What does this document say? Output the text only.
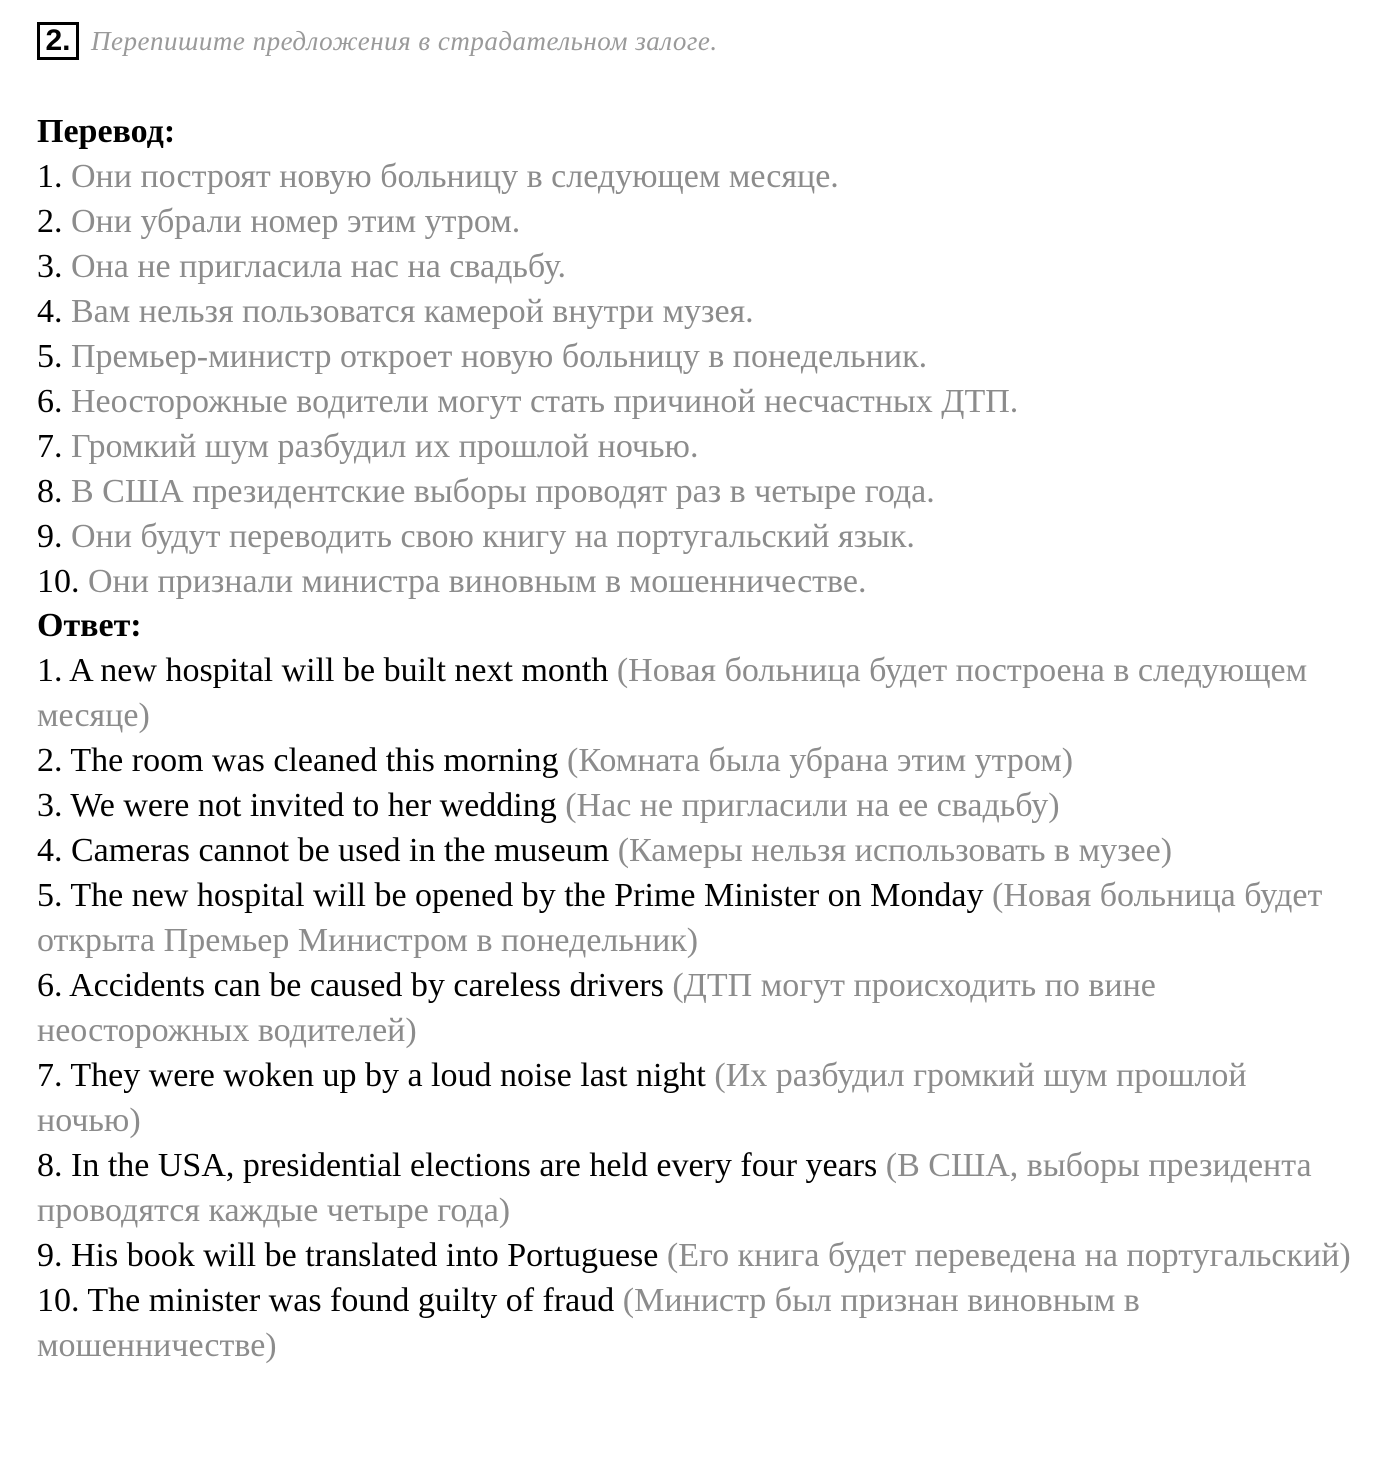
2. Перепишите предложения в страдательном залоге.
Перевод:

1. Они построят новую больницу в следующем месяце.

2. Они убрали номер этим утром.

3. Она не пригласила нас на свадьбу.

4. Вам нельзя пользоватся камерой внутри музея.

5. Премьер-министр откроет новую больницу в понедельник.

6. Неосторожные водители могут стать причиной несчастных ДТП.

7. Громкий шум разбудил их прошлой ночью.

8. В США президентские выборы проводят раз в четыре года.

9. Они будут переводить свою книгу на португальский язык.

10. Они признали министра виновным в мошенничестве.

Ответ:

1. A new hospital will be built next month (Новая больница будет построена в следующем месяце)

2. The room was cleaned this morning (Комната была убрана этим утром)

3. We were not invited to her wedding (Нас не пригласили на ее свадьбу)

4. Cameras cannot be used in the museum (Камеры нельзя использовать в музее)

5. The new hospital will be opened by the Prime Minister on Monday (Новая больница будет открыта Премьер Министром в понедельник)

6. Accidents can be caused by careless drivers (ДТП могут происходить по вине неосторожных водителей)

7. They were woken up by a loud noise last night (Их разбудил громкий шум прошлой ночью)

8. In the USA, presidential elections are held every four years (В США, выборы президента проводятся каждые четыре года)

9. His book will be translated into Portuguese (Его книга будет переведена на португальский)

10. The minister was found guilty of fraud (Министр был признан виновным в мошенничестве)
